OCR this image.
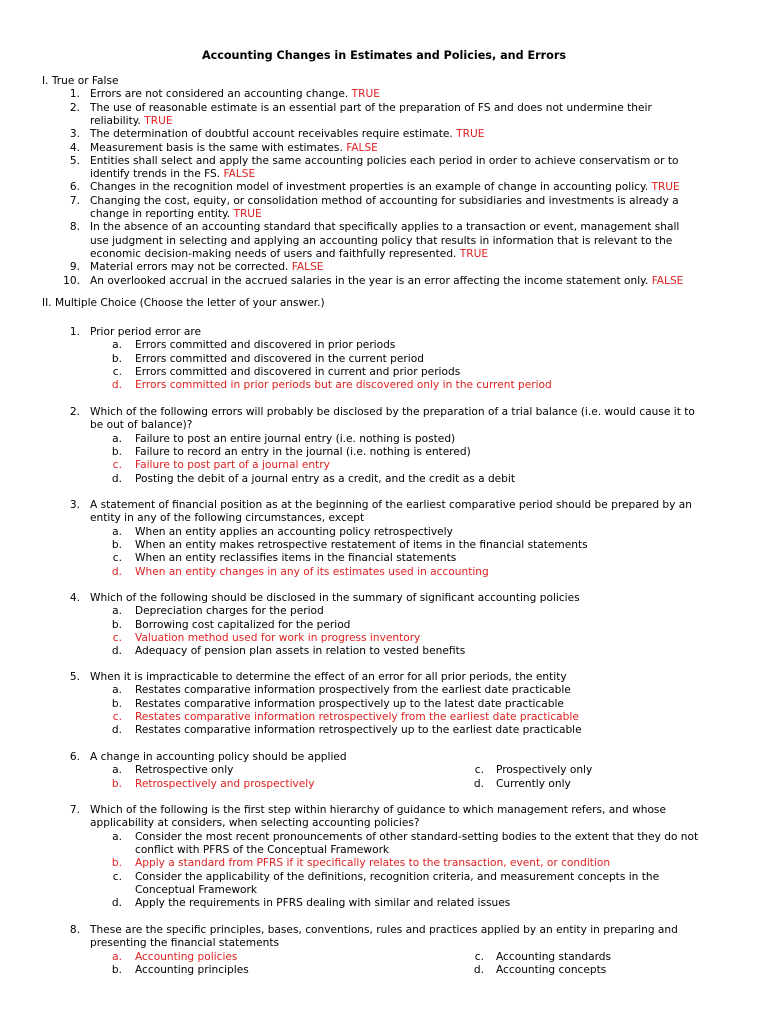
Accounting Changes in Estimates and Policies, and Errors
I. True or False
1. Errors are not considered an accounting change. TRUE
2. The use of reasonable estimate is an essential part of the preparation of FS and does not undermine their
reliability. TRUE
3. The determination of doubtful account receivables require estimate. TRUE
4. Measurement basis is the same with estimates. FALSE
5. Entities shall select and apply the same accounting policies each period in order to achieve conservatism or to
identify trends in the FS. FALSE
6. Changes in the recognition model of investment properties is an example of change in accounting policy. TRUE
7. Changing the cost, equity, or consolidation method of accounting for subsidiaries and investments is already a
change in reporting entity. TRUE
8. In the absence of an accounting standard that specifically applies to a transaction or event, management shall
use judgment in selecting and applying an accounting policy that results in information that is relevant to the
economic decision-making needs of users and faithfully represented. TRUE
9. Material errors may not be corrected. FALSE
10. An overlooked accrual in the accrued salaries in the year is an error affecting the income statement only. FALSE
II. Multiple Choice (Choose the letter of your answer.)
1. Prior period error are
a. Errors committed and discovered in prior periods
b. Errors committed and discovered in the current period
c. Errors committed and discovered in current and prior periods
d. Errors committed in prior periods but are discovered only in the current period
2. Which of the following errors will probably be disclosed by the preparation of a trial balance (i.e. would cause it to
be out of balance)?
a. Failure to post an entire journal entry (i.e. nothing is posted)
b. Failure to record an entry in the journal (i.e. nothing is entered)
c. Failure to post part of a journal entry
d. Posting the debit of a journal entry as a credit, and the credit as a debit
3. A statement of financial position as at the beginning of the earliest comparative period should be prepared by an
entity in any of the following circumstances, except
a. When an entity applies an accounting policy retrospectively
b. When an entity makes retrospective restatement of items in the financial statements
c. When an entity reclassifies items in the financial statements
d. When an entity changes in any of its estimates used in accounting
4. Which of the following should be disclosed in the summary of significant accounting policies
a. Depreciation charges for the period
b. Borrowing cost capitalized for the period
c. Valuation method used for work in progress inventory
d. Adequacy of pension plan assets in relation to vested benefits
5. When it is impracticable to determine the effect of an error for all prior periods, the entity
a. Restates comparative information prospectively from the earliest date practicable
b. Restates comparative information prospectively up to the latest date practicable
c. Restates comparative information retrospectively from the earliest date practicable
d. Restates comparative information retrospectively up to the earliest date practicable
6. A change in accounting policy should be applied
a. Retrospective only
b. Retrospectively and prospectively
c. Prospectively only
d. Currently only
7. Which of the following is the first step within hierarchy of guidance to which management refers, and whose
applicability at considers, when selecting accounting policies?
a. Consider the most recent pronouncements of other standard-setting bodies to the extent that they do not
conflict with PFRS of the Conceptual Framework
b. Apply a standard from PFRS if it specifically relates to the transaction, event, or condition
c. Consider the applicability of the definitions, recognition criteria, and measurement concepts in the
Conceptual Framework
d. Apply the requirements in PFRS dealing with similar and related issues
8. These are the specific principles, bases, conventions, rules and practices applied by an entity in preparing and
presenting the financial statements
a. Accounting policies
b. Accounting principles
c. Accounting standards
d. Accounting concepts
